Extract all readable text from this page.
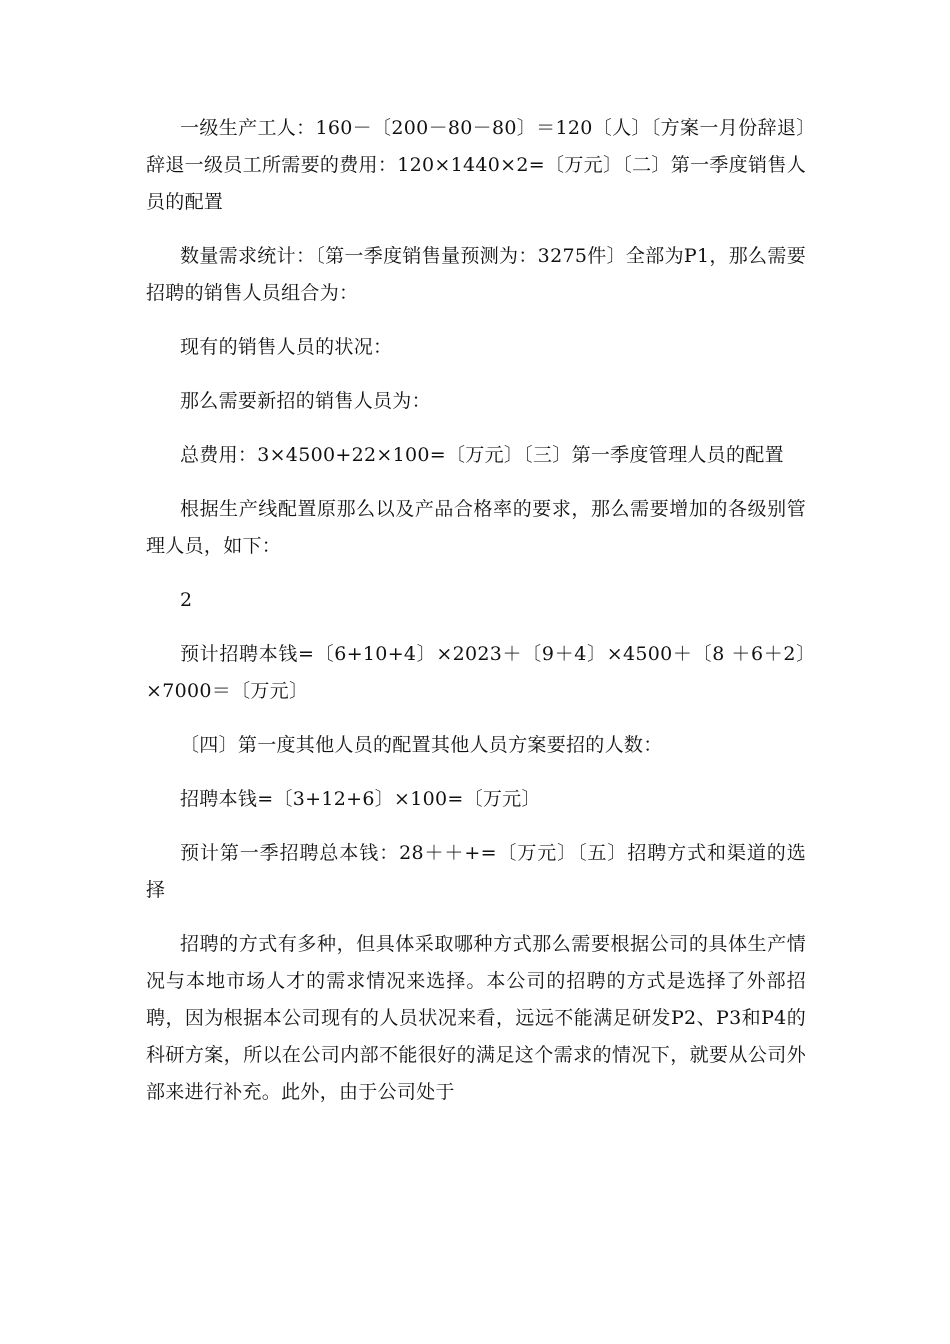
一级生产工人：160－〔200－80－80〕＝120〔人〕〔方案一月份辞退〕辞退一级员工所需要的费用：120×1440×2=〔万元〕〔二〕第一季度销售人员的配置

数量需求统计：〔第一季度销售量预测为：3275件〕全部为P1，那么需要招聘的销售人员组合为：

现有的销售人员的状况：

那么需要新招的销售人员为：

总费用：3×4500+22×100=〔万元〕〔三〕第一季度管理人员的配置

根据生产线配置原那么以及产品合格率的要求，那么需要增加的各级别管理人员，如下：

2

预计招聘本钱=〔6+10+4〕×2023＋〔9＋4〕×4500＋〔8 ＋6＋2〕×7000＝〔万元〕

〔四〕第一度其他人员的配置其他人员方案要招的人数：

招聘本钱=〔3+12+6〕×100=〔万元〕

预计第一季招聘总本钱：28＋＋+=〔万元〕〔五〕招聘方式和渠道的选择

招聘的方式有多种，但具体采取哪种方式那么需要根据公司的具体生产情况与本地市场人才的需求情况来选择。本公司的招聘的方式是选择了外部招聘，因为根据本公司现有的人员状况来看，远远不能满足研发P2、P3和P4的科研方案，所以在公司内部不能很好的满足这个需求的情况下，就要从公司外部来进行补充。此外，由于公司处于
